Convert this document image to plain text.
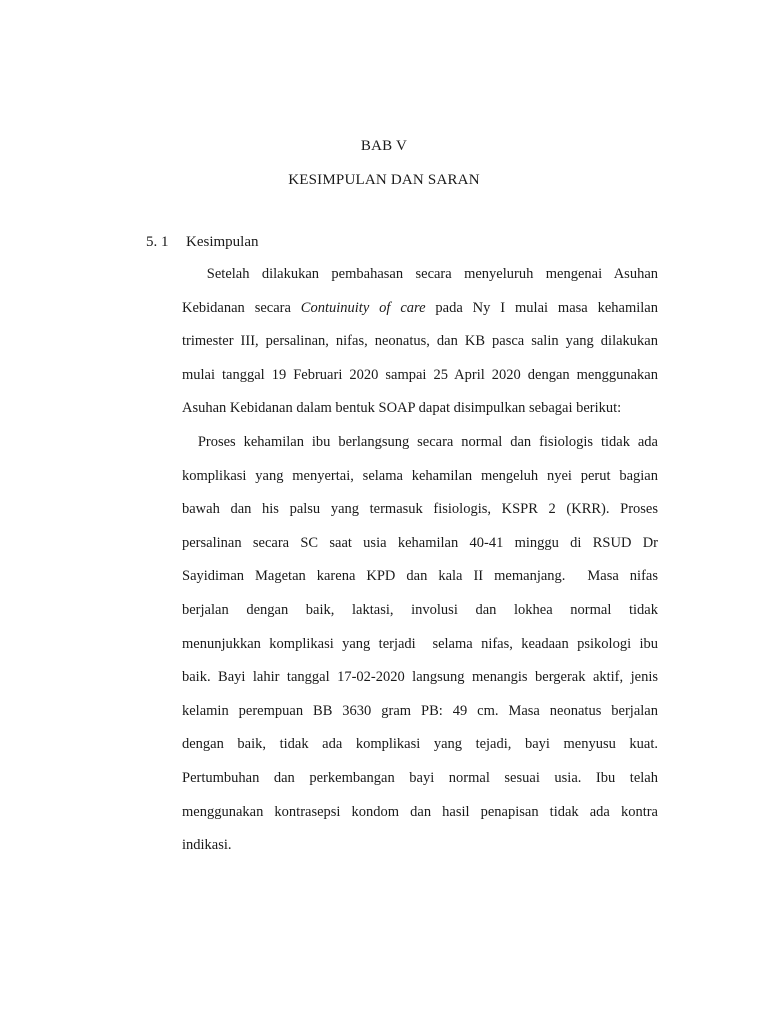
BAB V
KESIMPULAN DAN SARAN
5. 1 Kesimpulan
Setelah dilakukan pembahasan secara menyeluruh mengenai Asuhan
Kebidanan secara Contuinuity of care pada Ny I mulai masa kehamilan
trimester III, persalinan, nifas, neonatus, dan KB pasca salin yang dilakukan
mulai tanggal 19 Februari 2020 sampai 25 April 2020 dengan menggunakan
Asuhan Kebidanan dalam bentuk SOAP dapat disimpulkan sebagai berikut:
Proses kehamilan ibu berlangsung secara normal dan fisiologis tidak ada
komplikasi yang menyertai, selama kehamilan mengeluh nyei perut bagian
bawah dan his palsu yang termasuk fisiologis, KSPR 2 (KRR). Proses
persalinan secara SC saat usia kehamilan 40-41 minggu di RSUD Dr
Sayidiman Magetan karena KPD dan kala II memanjang.  Masa nifas
berjalan dengan baik, laktasi, involusi dan lokhea normal tidak
menunjukkan komplikasi yang terjadi  selama nifas, keadaan psikologi ibu
baik. Bayi lahir tanggal 17-02-2020 langsung menangis bergerak aktif, jenis
kelamin perempuan BB 3630 gram PB: 49 cm. Masa neonatus berjalan
dengan baik, tidak ada komplikasi yang tejadi, bayi menyusu kuat.
Pertumbuhan dan perkembangan bayi normal sesuai usia. Ibu telah
menggunakan kontrasepsi kondom dan hasil penapisan tidak ada kontra
indikasi.
